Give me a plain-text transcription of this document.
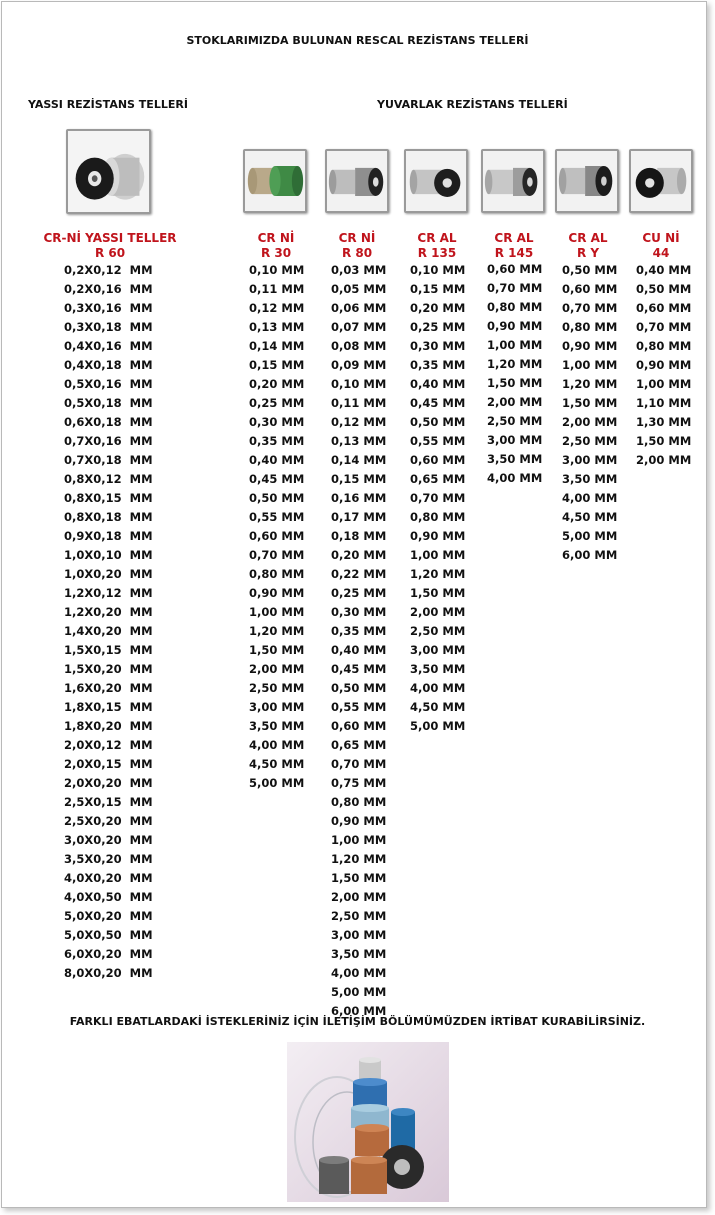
STOKLARIMIZDA BULUNAN RESCAL REZİSTANS TELLERİ
YASSI REZİSTANS TELLERİ	YUVARLAK REZİSTANS TELLERİ
CR-Nİ YASSI TELLER
R 60
CR Nİ
R 30
CR Nİ
R 80
CR AL
R 135
CR AL
R 145
CR AL
R Y
CU Nİ
44
0,2X0,12  MM
0,2X0,16  MM
0,3X0,16  MM
0,3X0,18  MM
0,4X0,16  MM
0,4X0,18  MM
0,5X0,16  MM
0,5X0,18  MM
0,6X0,18  MM
0,7X0,16  MM
0,7X0,18  MM
0,8X0,12  MM
0,8X0,15  MM
0,8X0,18  MM
0,9X0,18  MM
1,0X0,10  MM
1,0X0,20  MM
1,2X0,12  MM
1,2X0,20  MM
1,4X0,20  MM
1,5X0,15  MM
1,5X0,20  MM
1,6X0,20  MM
1,8X0,15  MM
1,8X0,20  MM
2,0X0,12  MM
2,0X0,15  MM
2,0X0,20  MM
2,5X0,15  MM
2,5X0,20  MM
3,0X0,20  MM
3,5X0,20  MM
4,0X0,20  MM
4,0X0,50  MM
5,0X0,20  MM
5,0X0,50  MM
6,0X0,20  MM
8,0X0,20  MM
0,10 MM
0,11 MM
0,12 MM
0,13 MM
0,14 MM
0,15 MM
0,20 MM
0,25 MM
0,30 MM
0,35 MM
0,40 MM
0,45 MM
0,50 MM
0,55 MM
0,60 MM
0,70 MM
0,80 MM
0,90 MM
1,00 MM
1,20 MM
1,50 MM
2,00 MM
2,50 MM
3,00 MM
3,50 MM
4,00 MM
4,50 MM
5,00 MM
0,03 MM
0,05 MM
0,06 MM
0,07 MM
0,08 MM
0,09 MM
0,10 MM
0,11 MM
0,12 MM
0,13 MM
0,14 MM
0,15 MM
0,16 MM
0,17 MM
0,18 MM
0,20 MM
0,22 MM
0,25 MM
0,30 MM
0,35 MM
0,40 MM
0,45 MM
0,50 MM
0,55 MM
0,60 MM
0,65 MM
0,70 MM
0,75 MM
0,80 MM
0,90 MM
1,00 MM
1,20 MM
1,50 MM
2,00 MM
2,50 MM
3,00 MM
3,50 MM
4,00 MM
5,00 MM
6,00 MM
0,10 MM
0,15 MM
0,20 MM
0,25 MM
0,30 MM
0,35 MM
0,40 MM
0,45 MM
0,50 MM
0,55 MM
0,60 MM
0,65 MM
0,70 MM
0,80 MM
0,90 MM
1,00 MM
1,20 MM
1,50 MM
2,00 MM
2,50 MM
3,00 MM
3,50 MM
4,00 MM
4,50 MM
5,00 MM
0,60 MM
0,70 MM
0,80 MM
0,90 MM
1,00 MM
1,20 MM
1,50 MM
2,00 MM
2,50 MM
3,00 MM
3,50 MM
4,00 MM
0,50 MM
0,60 MM
0,70 MM
0,80 MM
0,90 MM
1,00 MM
1,20 MM
1,50 MM
2,00 MM
2,50 MM
3,00 MM
3,50 MM
4,00 MM
4,50 MM
5,00 MM
6,00 MM
0,40 MM
0,50 MM
0,60 MM
0,70 MM
0,80 MM
0,90 MM
1,00 MM
1,10 MM
1,30 MM
1,50 MM
2,00 MM
FARKLI EBATLARDAKİ İSTEKLERİNİZ İÇİN İLETİŞİM BÖLÜMÜMÜZDEN İRTİBAT KURABİLİRSİNİZ.
